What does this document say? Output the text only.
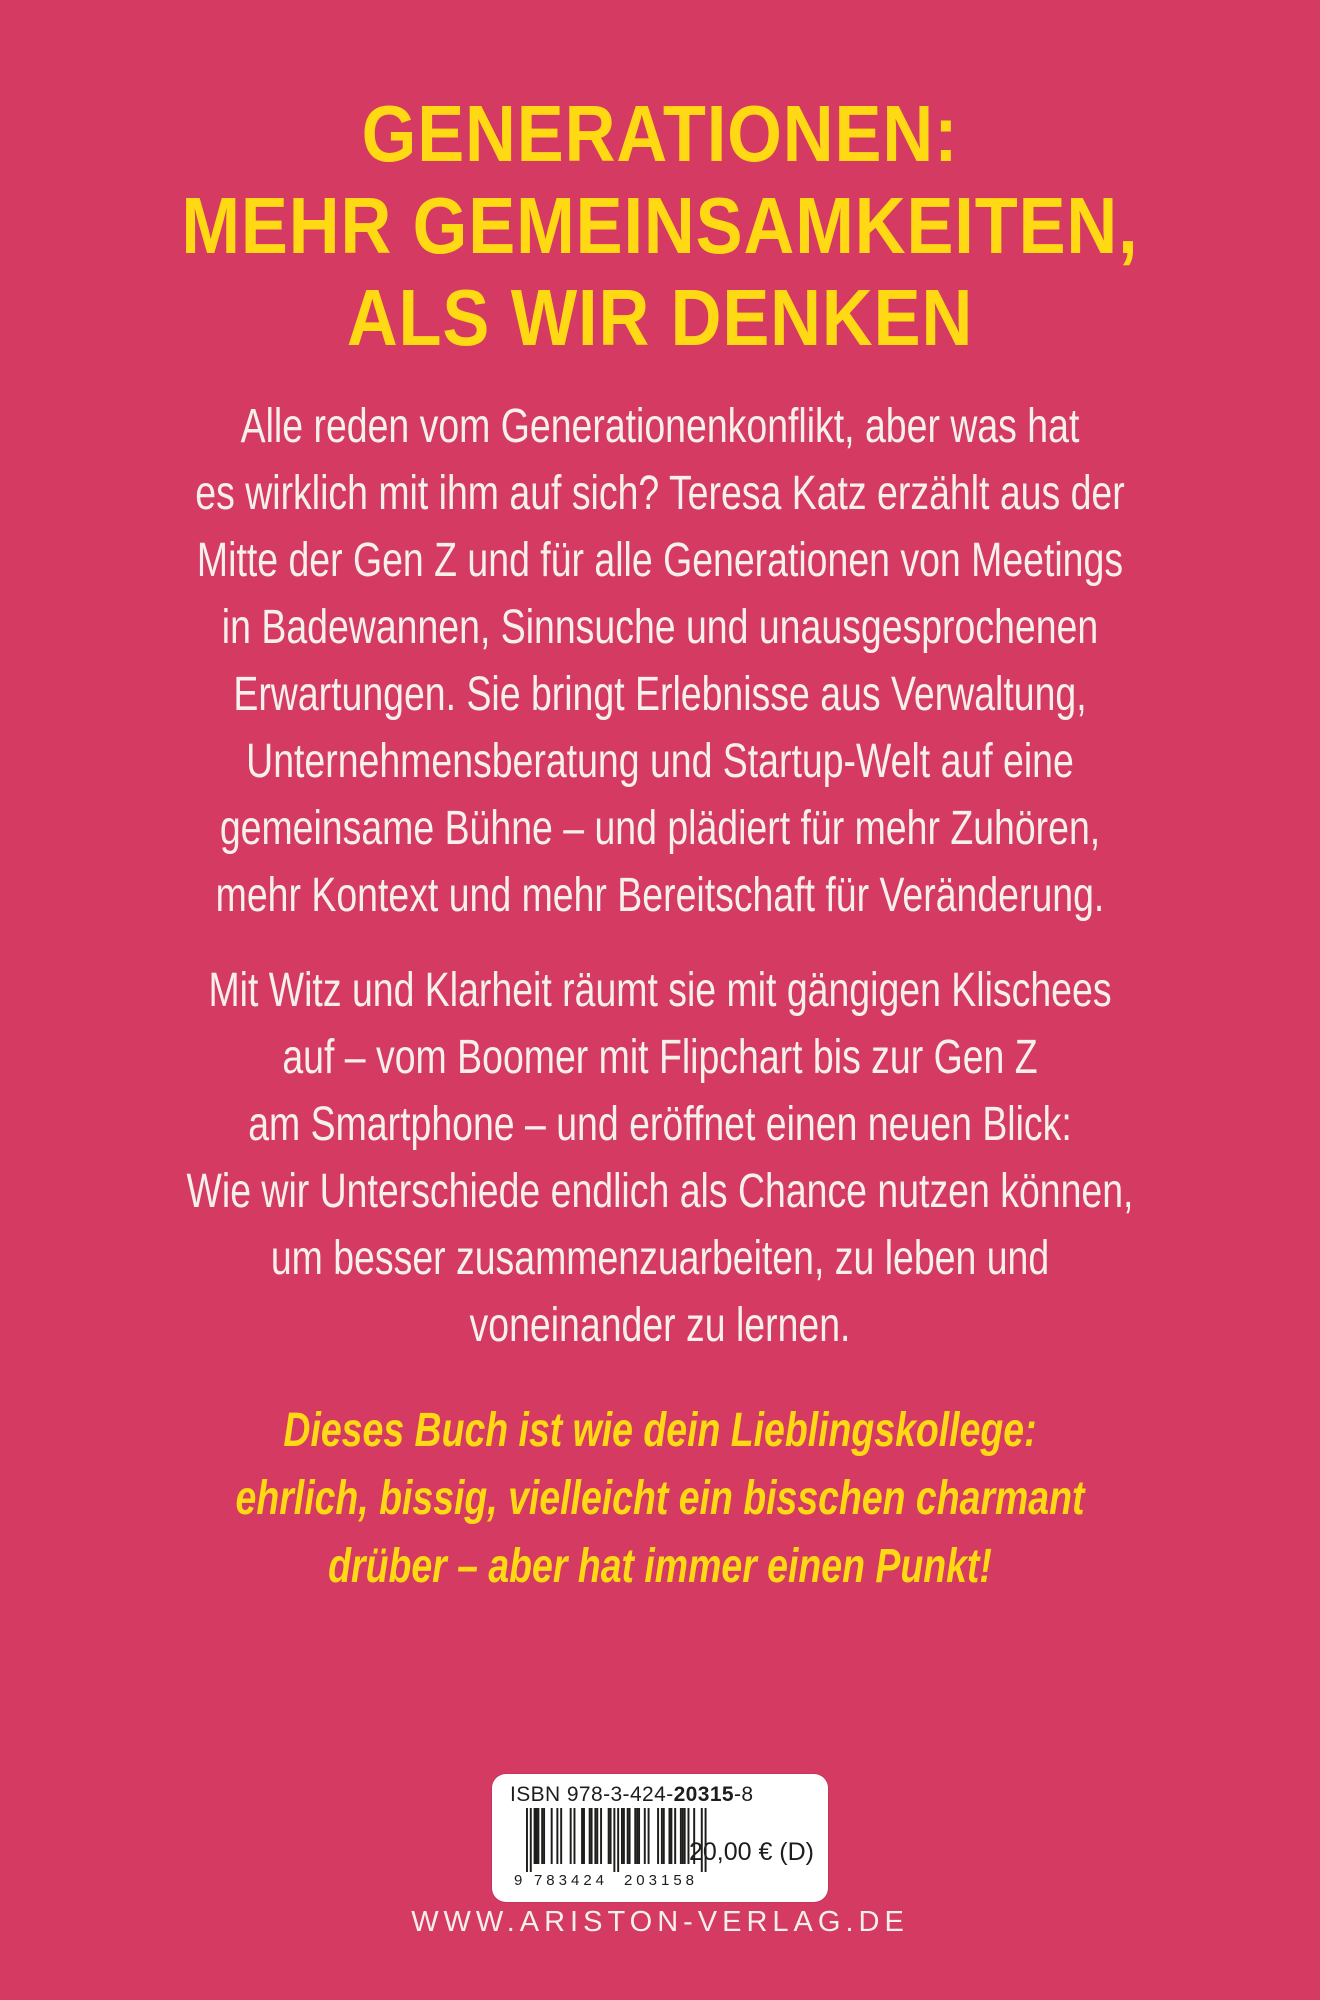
GENERATIONEN:
MEHR GEMEINSAMKEITEN,
ALS WIR DENKEN
Alle reden vom Generationenkonflikt, aber was hat
es wirklich mit ihm auf sich? Teresa Katz erzählt aus der
Mitte der Gen Z und für alle Generationen von Meetings
in Badewannen, Sinnsuche und unausgesprochenen
Erwartungen. Sie bringt Erlebnisse aus Verwaltung,
Unternehmensberatung und Startup-Welt auf eine
gemeinsame Bühne – und plädiert für mehr Zuhören,
mehr Kontext und mehr Bereitschaft für Veränderung.
Mit Witz und Klarheit räumt sie mit gängigen Klischees
auf – vom Boomer mit Flipchart bis zur Gen Z
am Smartphone – und eröffnet einen neuen Blick:
Wie wir Unterschiede endlich als Chance nutzen können,
um besser zusammenzuarbeiten, zu leben und
voneinander zu lernen.
Dieses Buch ist wie dein Lieblingskollege:
ehrlich, bissig, vielleicht ein bisschen charmant
drüber – aber hat immer einen Punkt!
ISBN 978-3-424-20315-8
9 783424 203158
20,00 € (D)
WWW.ARISTON-VERLAG.DE
